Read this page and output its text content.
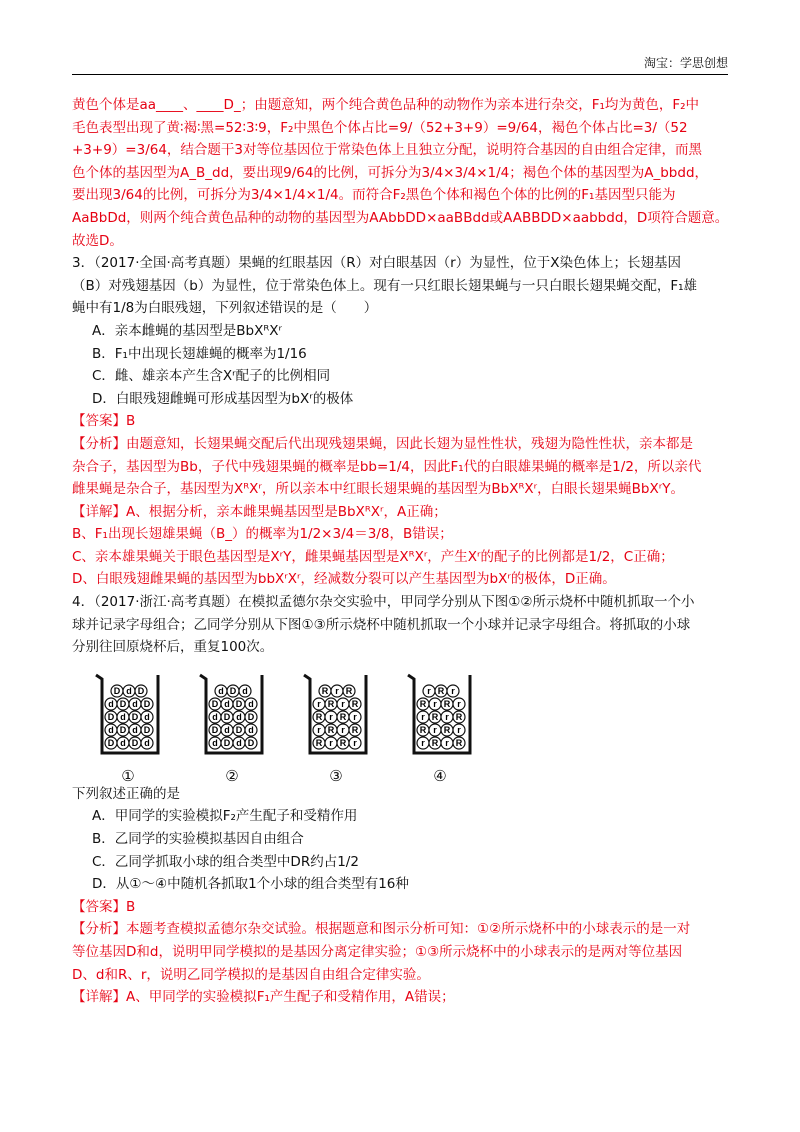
淘宝：学思创想
黄色个体是aa____、____D_；由题意知，两个纯合黄色品种的动物作为亲本进行杂交，F₁均为黄色，F₂中
毛色表型出现了黄∶褐∶黑=52∶3∶9，F₂中黑色个体占比=9/（52+3+9）=9/64，褐色个体占比=3/（52
+3+9）=3/64，结合题干3对等位基因位于常染色体上且独立分配，说明符合基因的自由组合定律，而黑
色个体的基因型为A_B_dd，要出现9/64的比例，可拆分为3/4×3/4×1/4；褐色个体的基因型为A_bbdd，
要出现3/64的比例，可拆分为3/4×1/4×1/4。而符合F₂黑色个体和褐色个体的比例的F₁基因型只能为
AaBbDd，则两个纯合黄色品种的动物的基因型为AAbbDD×aaBBdd或AABBDD×aabbdd，D项符合题意。
故选D。
3．（2017·全国·高考真题）果蝇的红眼基因（R）对白眼基因（r）为显性，位于X染色体上；长翅基因
（B）对残翅基因（b）为显性，位于常染色体上。现有一只红眼长翅果蝇与一只白眼长翅果蝇交配，F₁雄
蝇中有1/8为白眼残翅，下列叙述错误的是（　　）
A．亲本雌蝇的基因型是BbXᴿXʳ
B．F₁中出现长翅雄蝇的概率为1/16
C．雌、雄亲本产生含Xʳ配子的比例相同
D．白眼残翅雌蝇可形成基因型为bXʳ的极体
【答案】B
【分析】由题意知，长翅果蝇交配后代出现残翅果蝇，因此长翅为显性性状，残翅为隐性性状，亲本都是
杂合子，基因型为Bb，子代中残翅果蝇的概率是bb=1/4，因此F₁代的白眼雄果蝇的概率是1/2，所以亲代
雌果蝇是杂合子，基因型为XᴿXʳ，所以亲本中红眼长翅果蝇的基因型为BbXᴿXʳ，白眼长翅果蝇BbXʳY。
【详解】A、根据分析，亲本雌果蝇基因型是BbXᴿXʳ，A正确；
B、F₁出现长翅雄果蝇（B_）的概率为1/2×3/4＝3/8，B错误；
C、亲本雄果蝇关于眼色基因型是XʳY，雌果蝇基因型是XᴿXʳ，产生Xʳ的配子的比例都是1/2，C正确；
D、白眼残翅雌果蝇的基因型为bbXʳXʳ，经减数分裂可以产生基因型为bXʳ的极体，D正确。
4．（2017·浙江·高考真题）在模拟孟德尔杂交实验中，甲同学分别从下图①②所示烧杯中随机抓取一个小
球并记录字母组合；乙同学分别从下图①③所示烧杯中随机抓取一个小球并记录字母组合。将抓取的小球
分别往回原烧杯后，重复100次。
D d D
d D d D
D d D d
d D d D
D d D d
①
d D d
D d D d
d D d D
D d D d
d D d D
②
R r R
r R r R
R r R r
r R r R
R r R r
③
r R r
R r R r
r R r R
R r R r
r R r R
④
下列叙述正确的是
A．甲同学的实验模拟F₂产生配子和受精作用
B．乙同学的实验模拟基因自由组合
C．乙同学抓取小球的组合类型中DR约占1/2
D．从①～④中随机各抓取1个小球的组合类型有16种
【答案】B
【分析】本题考查模拟孟德尔杂交试验。根据题意和图示分析可知：①②所示烧杯中的小球表示的是一对
等位基因D和d，说明甲同学模拟的是基因分离定律实验；①③所示烧杯中的小球表示的是两对等位基因
D、d和R、r，说明乙同学模拟的是基因自由组合定律实验。
【详解】A、甲同学的实验模拟F₁产生配子和受精作用，A错误；
